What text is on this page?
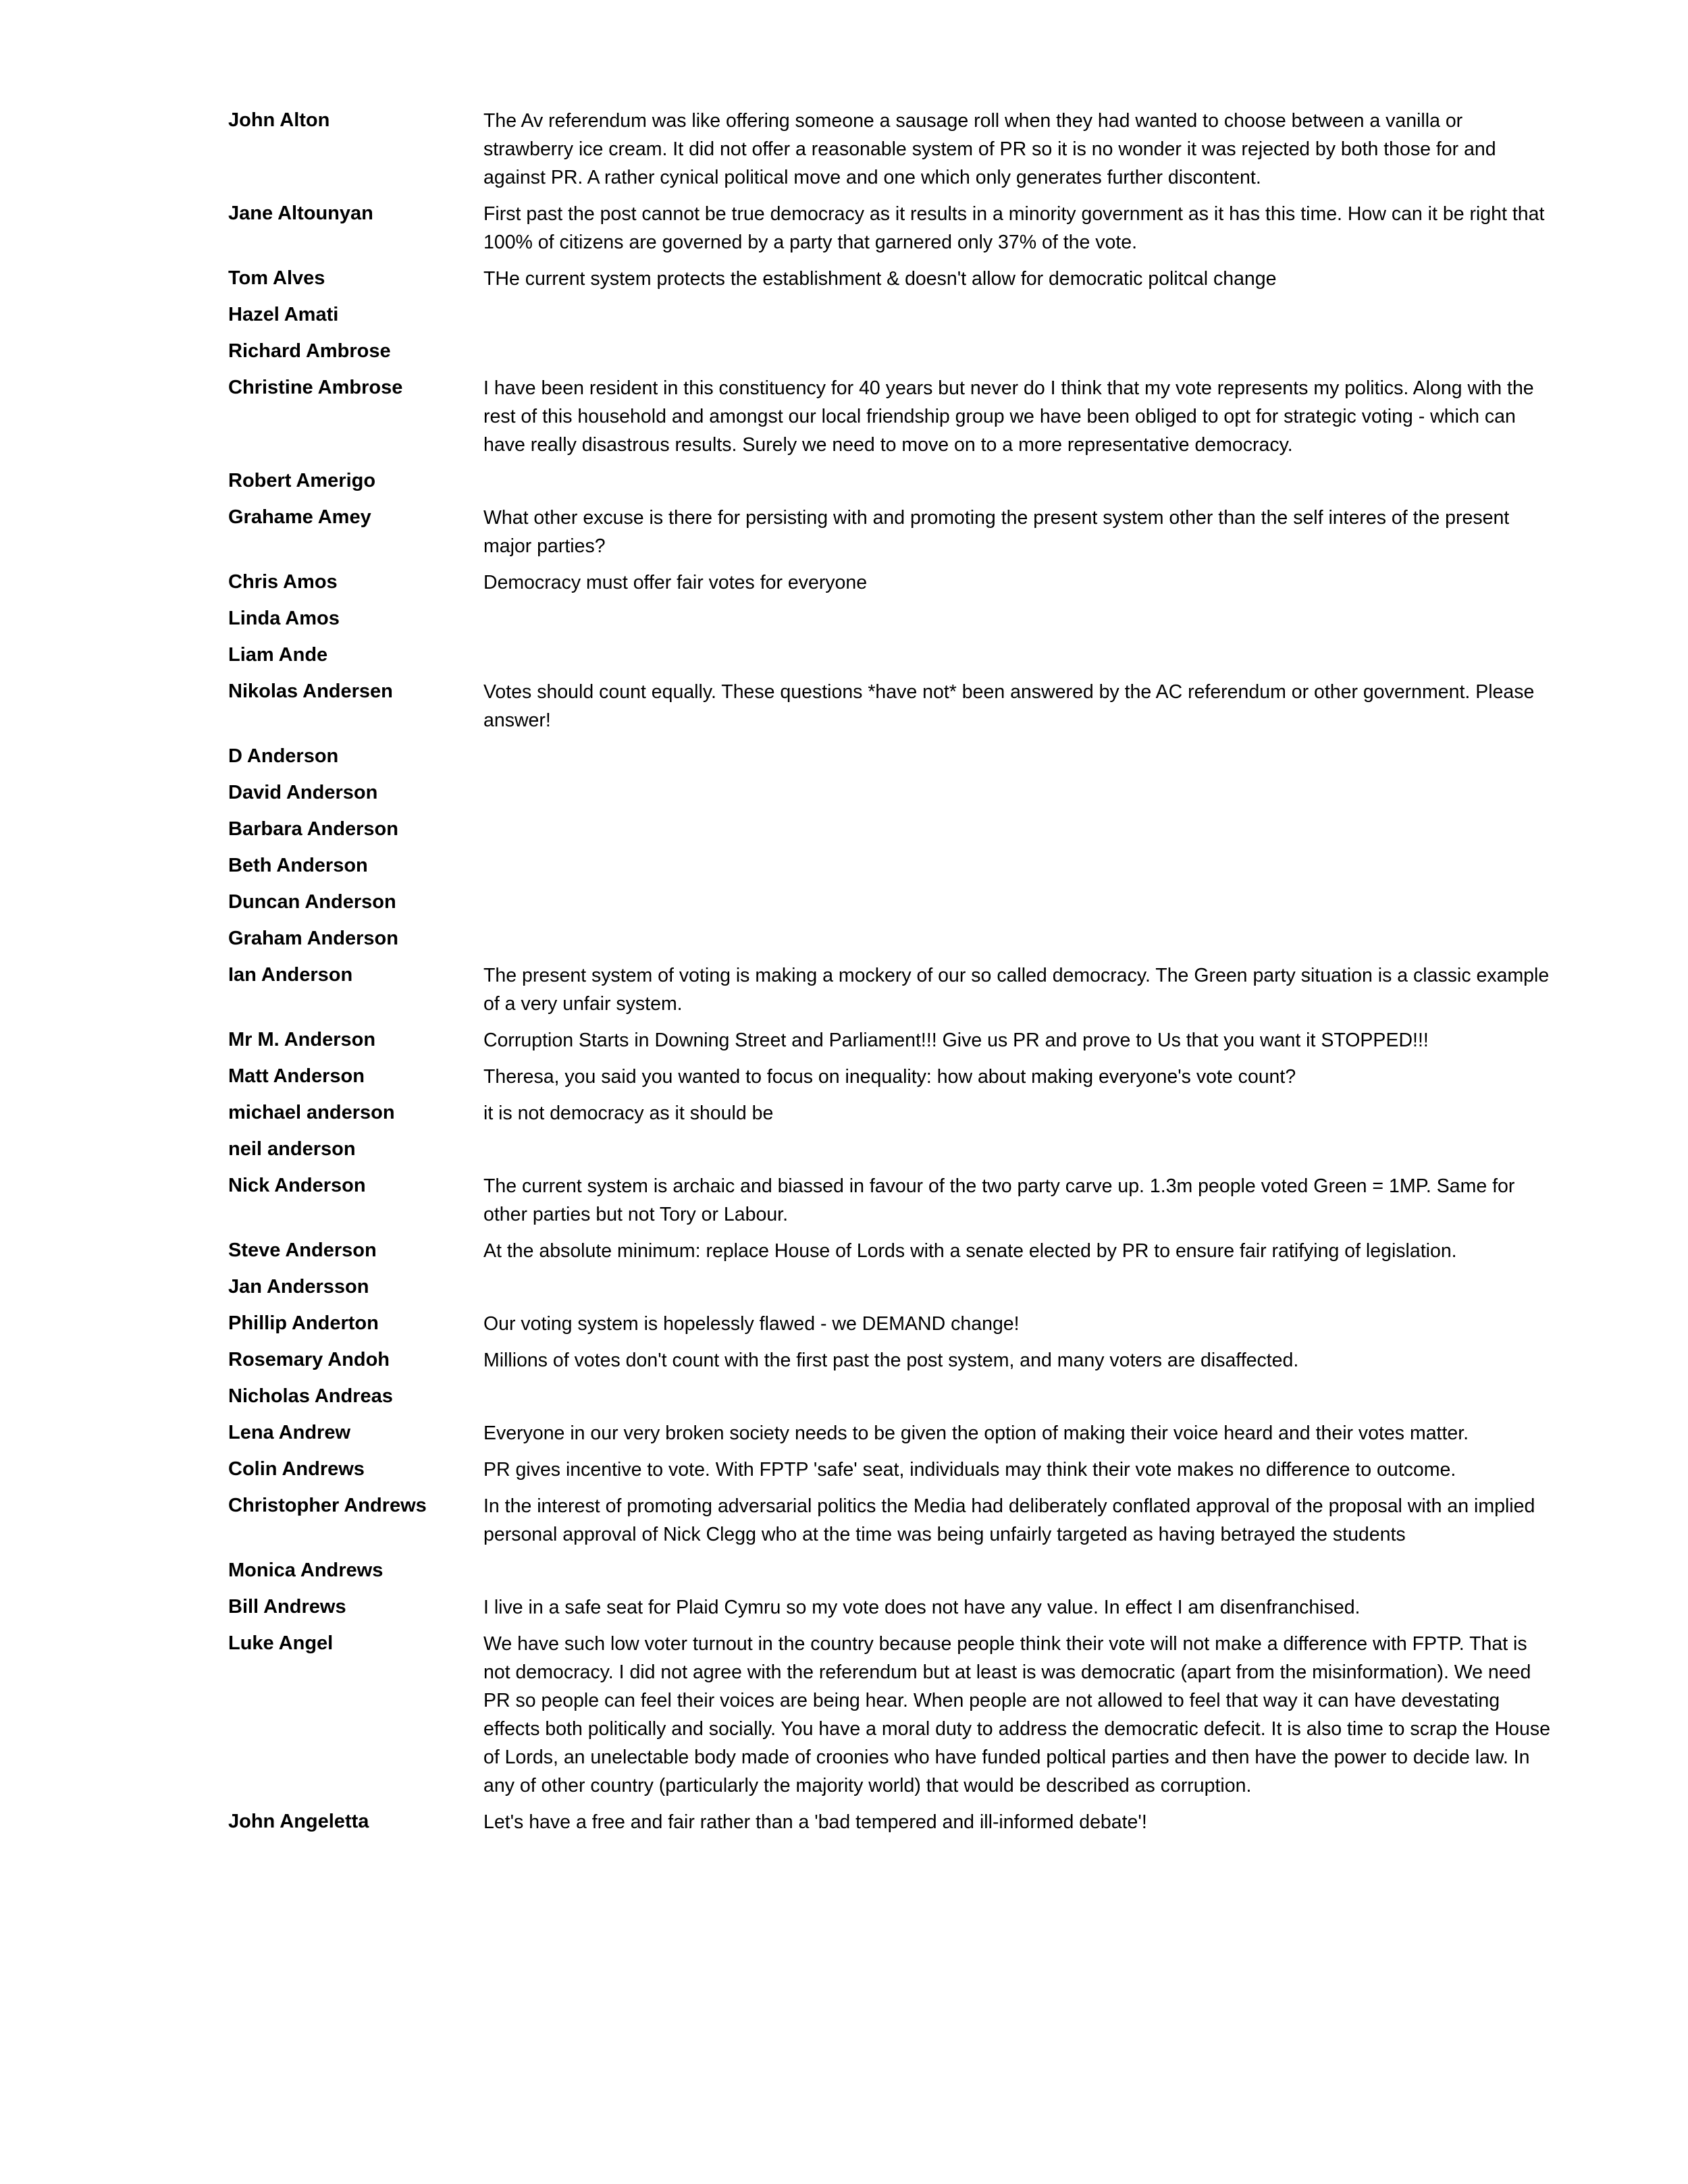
John Alton	The Av referendum was like offering someone a sausage roll when they had wanted to choose between a vanilla or strawberry ice cream. It did not offer a reasonable system of PR so it is no wonder it was rejected by both those for and against PR. A rather cynical political move and one which only generates further discontent.
Jane Altounyan	First past the post cannot be true democracy as it results in a minority government as it has this time. How can it be right that 100% of citizens are governed by a party that garnered only 37% of the vote.
Tom Alves	THe current system protects the establishment & doesn't allow for democratic politcal change
Hazel Amati
Richard Ambrose
Christine Ambrose	I have been resident in this constituency for 40 years but never do I think that my vote represents my politics. Along with the rest of this household and amongst our local friendship group we have been obliged to opt for strategic voting - which can have really disastrous results. Surely we need to move on to a more representative democracy.
Robert Amerigo
Grahame Amey	What other excuse is there for persisting with and promoting the present system other than the self interes of the present major parties?
Chris Amos	Democracy must offer fair votes for everyone
Linda Amos
Liam Ande
Nikolas Andersen	Votes should count equally. These questions *have not* been answered by the AC referendum or other government. Please answer!
D Anderson
David Anderson
Barbara Anderson
Beth Anderson
Duncan Anderson
Graham Anderson
Ian Anderson	The present system of voting is making a mockery of our so called democracy. The Green party situation is a classic example of a very unfair system.
Mr M. Anderson	Corruption Starts in Downing Street and Parliament!!! Give us PR and prove to Us that you want it STOPPED!!!
Matt Anderson	Theresa, you said you wanted to focus on inequality: how about making everyone's vote count?
michael anderson	it is not democracy as it should be
neil anderson
Nick Anderson	The current system is archaic and biassed in favour of the two party carve up. 1.3m people voted Green = 1MP. Same for other parties but not Tory or Labour.
Steve Anderson	At the absolute minimum: replace House of Lords with a senate elected by PR to ensure fair ratifying of legislation.
Jan Andersson
Phillip Anderton	Our voting system is hopelessly flawed - we DEMAND change!
Rosemary Andoh	Millions of votes don't count with the first past the post system, and many voters are disaffected.
Nicholas Andreas
Lena Andrew	Everyone in our very broken society needs to be given the option of making their voice heard and their votes matter.
Colin Andrews	PR gives incentive to vote. With FPTP 'safe' seat, individuals may think their vote makes no difference to outcome.
Christopher Andrews	In the interest of promoting adversarial politics the Media had deliberately conflated approval of the proposal with an implied personal approval of Nick Clegg who at the time was being unfairly targeted as having betrayed the students
Monica Andrews
Bill Andrews	I live in a safe seat for Plaid Cymru so my vote does not have any value. In effect I am disenfranchised.
Luke Angel	We have such low voter turnout in the country because people think their vote will not make a difference with FPTP. That is not democracy. I did not agree with the referendum but at least is was democratic (apart from the misinformation). We need PR so people can feel their voices are being hear. When people are not allowed to feel that way it can have devestating effects both politically and socially. You have a moral duty to address the democratic defecit. It is also time to scrap the House of Lords, an unelectable body made of croonies who have funded poltical parties and then have the power to decide law. In any of other country (particularly the majority world) that would be described as corruption.
John Angeletta	Let's have a free and fair rather than a 'bad tempered and ill-informed debate'!
